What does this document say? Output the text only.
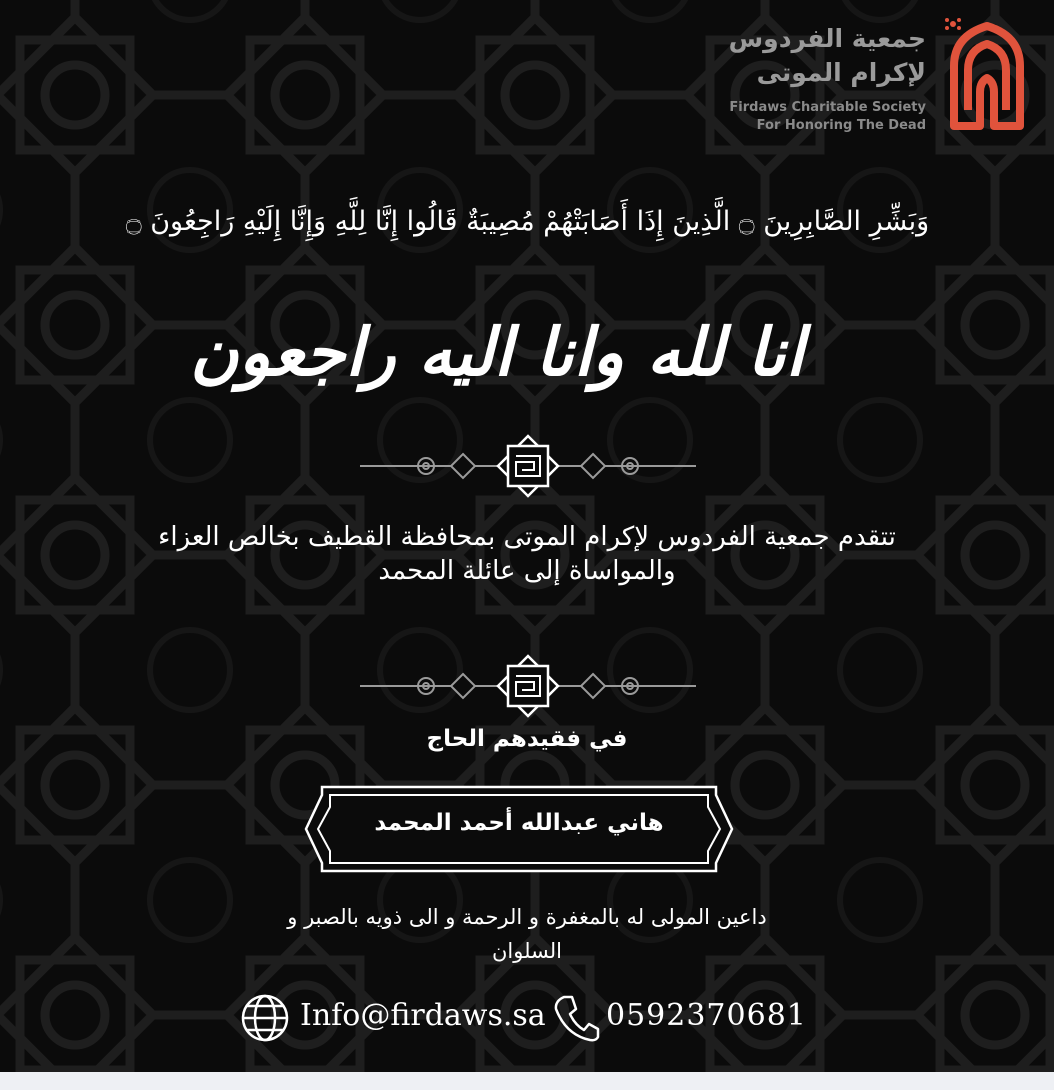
جمعية الفردوس
لإكرام الموتى
Firdaws Charitable Society
For Honoring The Dead
وَبَشِّرِ الصَّابِرِينَ ۝ الَّذِينَ إِذَا أَصَابَتْهُمْ مُصِيبَةٌ قَالُوا إِنَّا لِلَّهِ وَإِنَّا إِلَيْهِ رَاجِعُونَ ۝
انا لله وانا اليه راجعون
تتقدم جمعية الفردوس لإكرام الموتى بمحافظة القطيف بخالص العزاء والمواساة إلى عائلة المحمد
في فقيدهم الحاج
هاني عبدالله أحمد المحمد
داعين المولى له بالمغفرة و الرحمة و الى ذويه بالصبر و السلوان
Info@firdaws.sa 0592370681
